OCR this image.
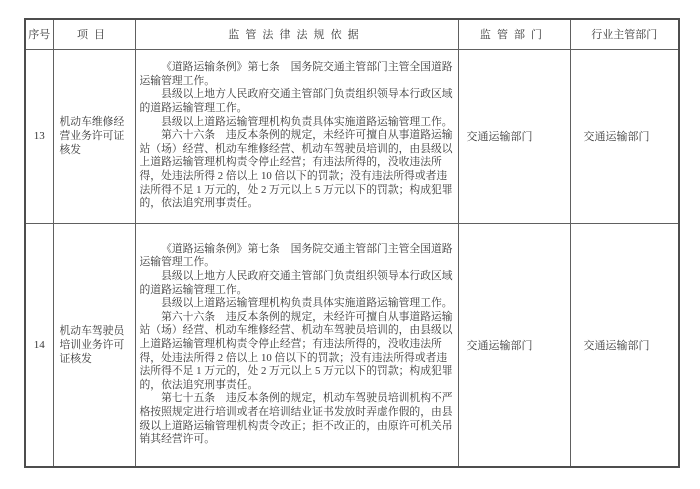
序号	项目	监管法律法规依据	监管部门	行业主管部门
13	机动车维修经营业务许可证核发	《道路运输条例》第七条　国务院交通主管部门主管全国道路运输管理工作。

县级以上地方人民政府交通主管部门负责组织领导本行政区域的道路运输管理工作。

县级以上道路运输管理机构负责具体实施道路运输管理工作。

第六十六条　违反本条例的规定，未经许可擅自从事道路运输站（场）经营、机动车维修经营、机动车驾驶员培训的，由县级以上道路运输管理机构责令停止经营；有违法所得的，没收违法所得，处违法所得 2 倍以上 10 倍以下的罚款；没有违法所得或者违法所得不足 1 万元的，处 2 万元以上 5 万元以下的罚款；构成犯罪的，依法追究刑事责任。	交通运输部门	交通运输部门
14	机动车驾驶员培训业务许可证核发	《道路运输条例》第七条　国务院交通主管部门主管全国道路运输管理工作。

县级以上地方人民政府交通主管部门负责组织领导本行政区域的道路运输管理工作。

县级以上道路运输管理机构负责具体实施道路运输管理工作。

第六十六条　违反本条例的规定，未经许可擅自从事道路运输站（场）经营、机动车维修经营、机动车驾驶员培训的，由县级以上道路运输管理机构责令停止经营；有违法所得的，没收违法所得，处违法所得 2 倍以上 10 倍以下的罚款；没有违法所得或者违法所得不足 1 万元的，处 2 万元以上 5 万元以下的罚款；构成犯罪的，依法追究刑事责任。

第七十五条　违反本条例的规定，机动车驾驶员培训机构不严格按照规定进行培训或者在培训结业证书发放时弄虚作假的，由县级以上道路运输管理机构责令改正；拒不改正的，由原许可机关吊销其经营许可。	交通运输部门	交通运输部门
